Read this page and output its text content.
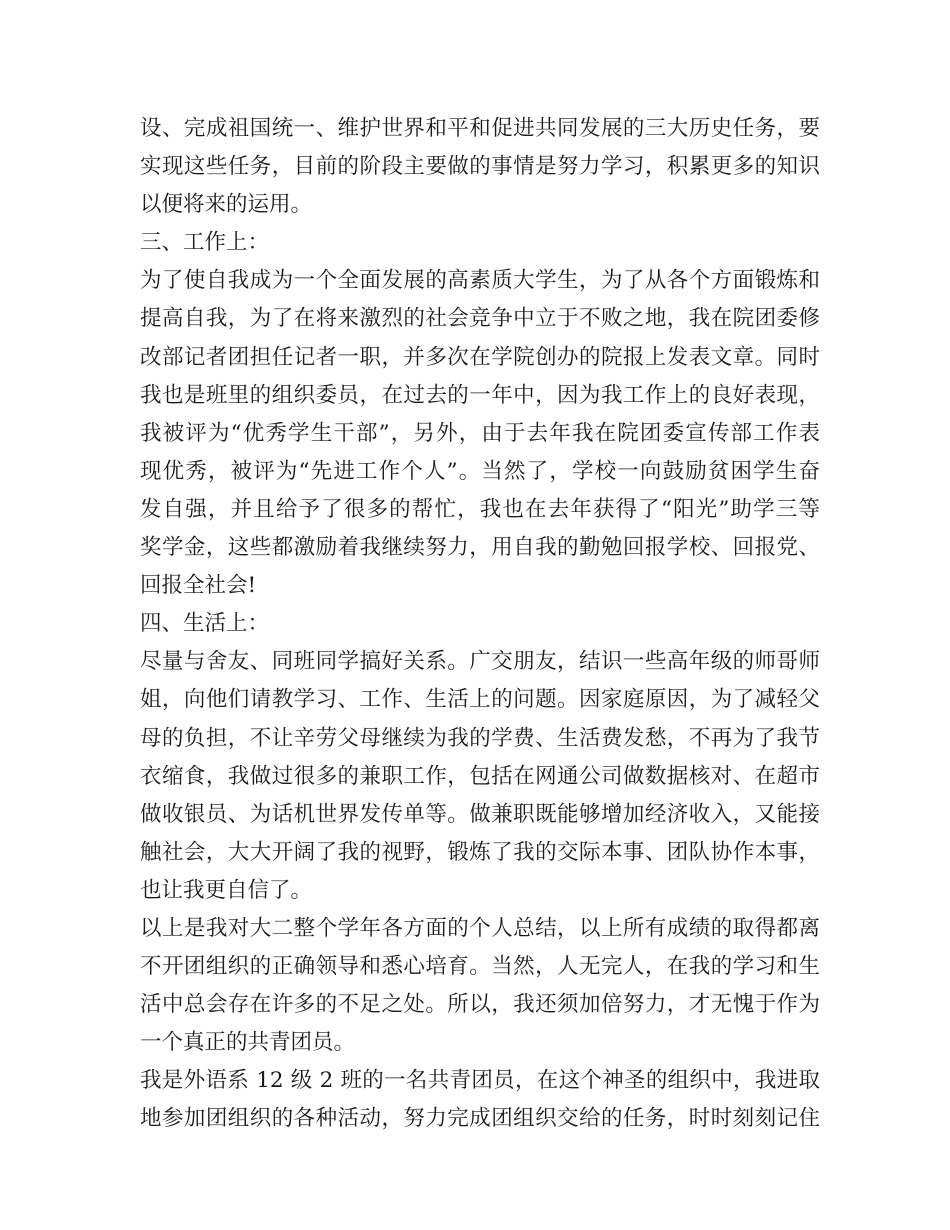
设、完成祖国统一、维护世界和平和促进共同发展的三大历史任务，要
实现这些任务，目前的阶段主要做的事情是努力学习，积累更多的知识
以便将来的运用。
三、工作上：
为了使自我成为一个全面发展的高素质大学生，为了从各个方面锻炼和
提高自我，为了在将来激烈的社会竞争中立于不败之地，我在院团委修
改部记者团担任记者一职，并多次在学院创办的院报上发表文章。同时
我也是班里的组织委员，在过去的一年中，因为我工作上的良好表现，
我被评为“优秀学生干部”，另外，由于去年我在院团委宣传部工作表
现优秀，被评为“先进工作个人”。当然了，学校一向鼓励贫困学生奋
发自强，并且给予了很多的帮忙，我也在去年获得了“阳光”助学三等
奖学金，这些都激励着我继续努力，用自我的勤勉回报学校、回报党、
回报全社会!
四、生活上：
尽量与舍友、同班同学搞好关系。广交朋友，结识一些高年级的师哥师
姐，向他们请教学习、工作、生活上的问题。因家庭原因，为了减轻父
母的负担，不让辛劳父母继续为我的学费、生活费发愁，不再为了我节
衣缩食，我做过很多的兼职工作，包括在网通公司做数据核对、在超市
做收银员、为话机世界发传单等。做兼职既能够增加经济收入，又能接
触社会，大大开阔了我的视野，锻炼了我的交际本事、团队协作本事，
也让我更自信了。
以上是我对大二整个学年各方面的个人总结，以上所有成绩的取得都离
不开团组织的正确领导和悉心培育。当然，人无完人，在我的学习和生
活中总会存在许多的不足之处。所以，我还须加倍努力，才无愧于作为
一个真正的共青团员。
我是外语系 12 级 2 班的一名共青团员，在这个神圣的组织中，我进取
地参加团组织的各种活动，努力完成团组织交给的任务，时时刻刻记住
